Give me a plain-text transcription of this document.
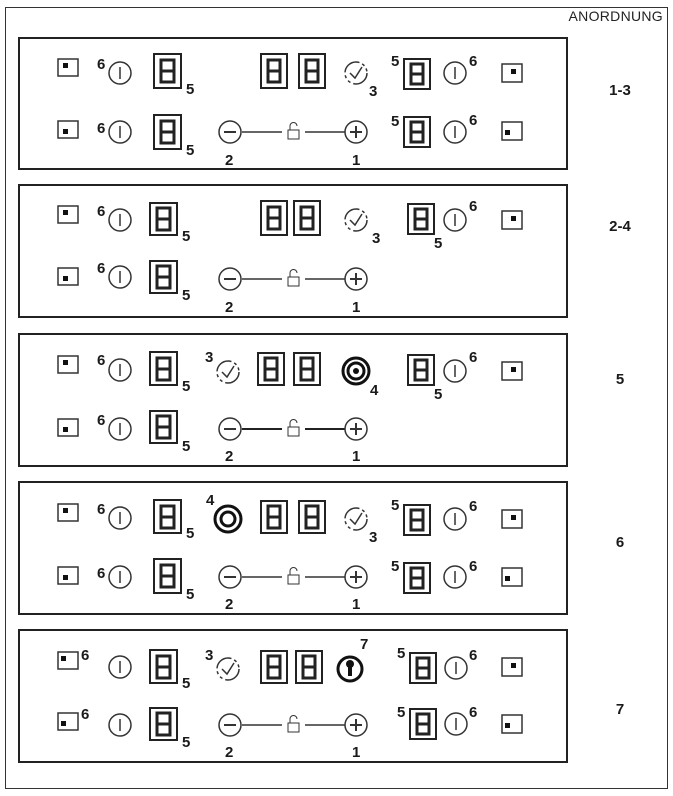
ANORDNUNG
6
5	3
5	6
6
5
2	1
5	6
1-3
6
5	3	5
6
6
5
2	1
2-4
6
5
3
4	5
6
6
5
2	1
5
6
5
4
3
5	6
6
5
2	1
5	6
6
6
5
3
7
5	6
6
5
2	1
5	6	7
